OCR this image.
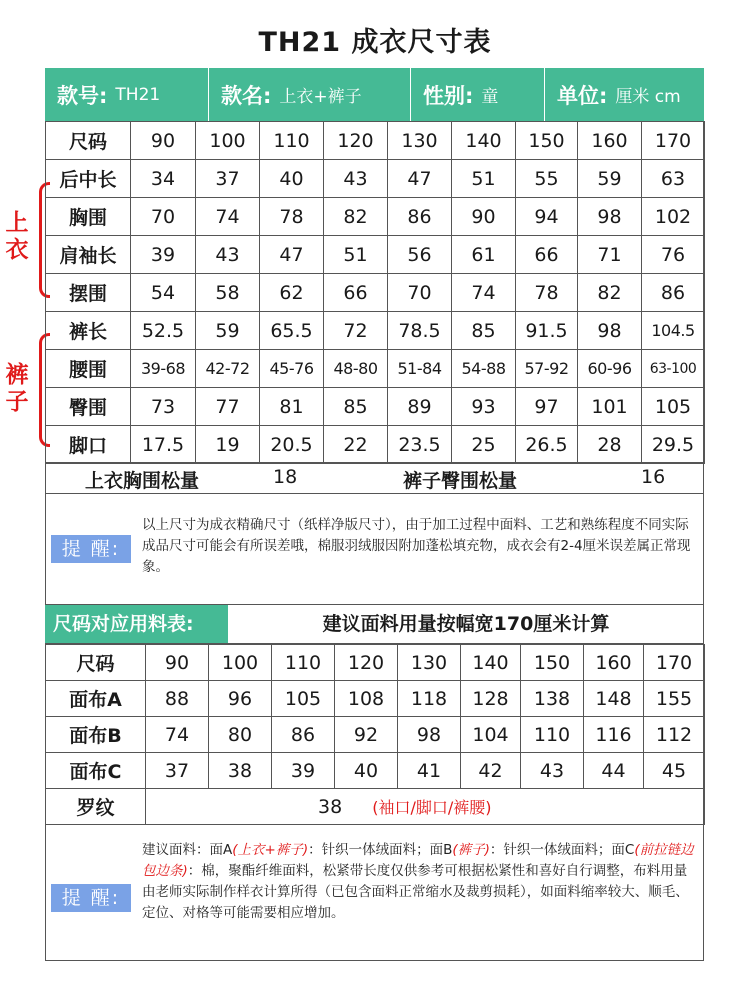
TH21 成衣尺寸表
款号: TH21	款名: 上衣+裤子	性别: 童	单位: 厘米 cm
上衣
裤子
尺码	90	100	110	120	130	140	150	160	170
后中长	34	37	40	43	47	51	55	59	63
胸围	70	74	78	82	86	90	94	98	102
肩袖长	39	43	47	51	56	61	66	71	76
摆围	54	58	62	66	70	74	78	82	86
裤长	52.5	59	65.5	72	78.5	85	91.5	98	104.5
腰围	39-68	42-72	45-76	48-80	51-84	54-88	57-92	60-96	63-100
臀围	73	77	81	85	89	93	97	101	105
脚口	17.5	19	20.5	22	23.5	25	26.5	28	29.5
上衣胸围松量	18	裤子臀围松量	16
提 醒:
以上尺寸为成衣精确尺寸（纸样净版尺寸），由于加工过程中面料、工艺和熟练程度不同实际成品尺寸可能会有所误差哦，棉服羽绒服因附加蓬松填充物，成衣会有2-4厘米误差属正常现象。
尺码对应用料表:	建议面料用量按幅宽170厘米计算
尺码	90	100	110	120	130	140	150	160	170
面布A	88	96	105	108	118	128	138	148	155
面布B	74	80	86	92	98	104	110	116	112
面布C	37	38	39	40	41	42	43	44	45
罗纹	38 (袖口/脚口/裤腰)								
提 醒:
建议面料：面A(上衣+裤子)：针织一体绒面料；面B(裤子)：针织一体绒面料；面C(前拉链边包边条)：棉，聚酯纤维面料，松紧带长度仅供参考可根据松紧性和喜好自行调整，布料用量由老师实际制作样衣计算所得（已包含面料正常缩水及裁剪损耗），如面料缩率较大、顺毛、定位、对格等可能需要相应增加。
